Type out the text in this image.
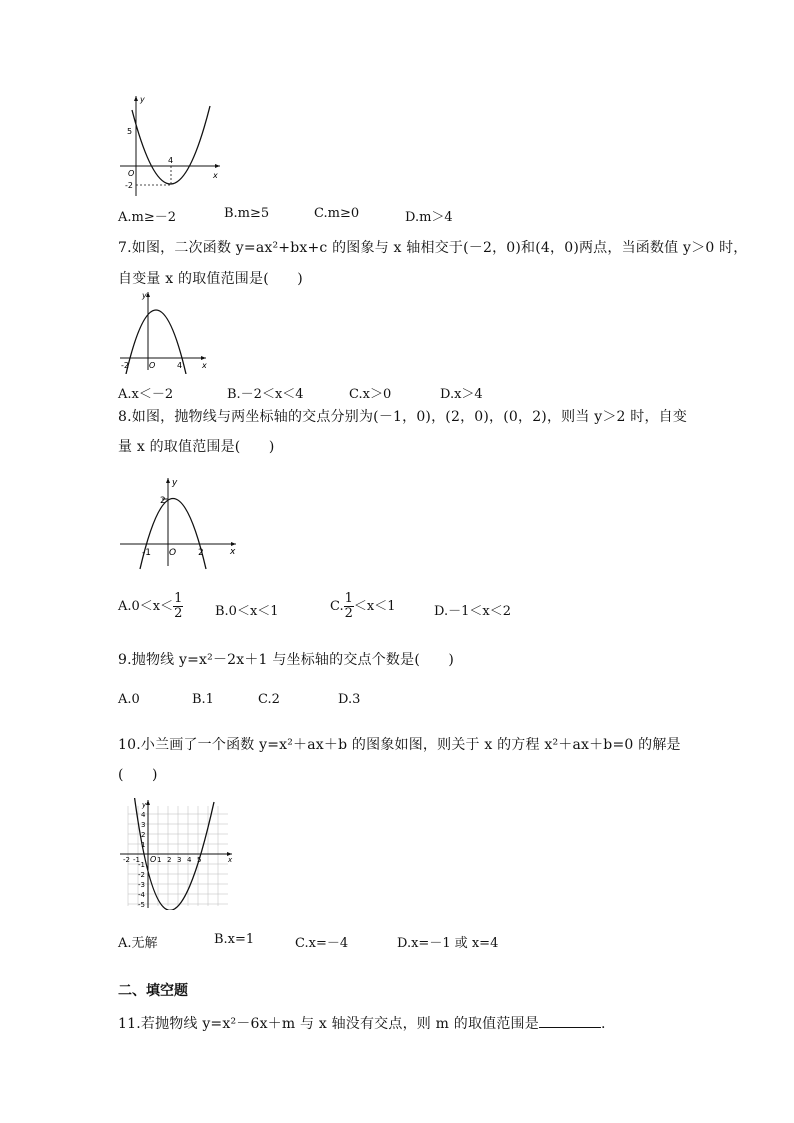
y
x
5
O
-2
4
A.m≥－2	B.m≥5	C.m≥0	D.m＞4
7.如图，二次函数 y=ax²+bx+c 的图象与 x 轴相交于(－2，0)和(4，0)两点，当函数值 y＞0 时，
自变量 x 的取值范围是(　　)
y
x
-2	O	4
A.x＜－2	B.－2＜x＜4	C.x＞0	D.x＞4
8.如图，抛物线与两坐标轴的交点分别为(－1，0)，(2，0)，(0，2)，则当 y＞2 时，自变
量 x 的取值范围是(　　)
y
x
2
-1 O 2
$A.0<x< \frac{1}{2} B.0<x<1$	C. $\frac{1}{2} <x<1$	D.－1＜x＜2
9.抛物线 y=x²－2x＋1 与坐标轴的交点个数是(　　)
A.0	B.1	C.2	D.3
10.小兰画了一个函数 y=x²＋ax＋b 的图象如图，则关于 x 的方程 x²＋ax＋b=0 的解是
(　　)
y
x
O
-2 -1 1 2 3 4 5
4
3
2
1
-1
-2
-3
-4
-5
A.无解	B.x=1	C.x=－4	D.x=－1 或 x=4
二、填空题
11.若抛物线 y=x²－6x＋m 与 x 轴没有交点，则 m 的取值范围是	.
